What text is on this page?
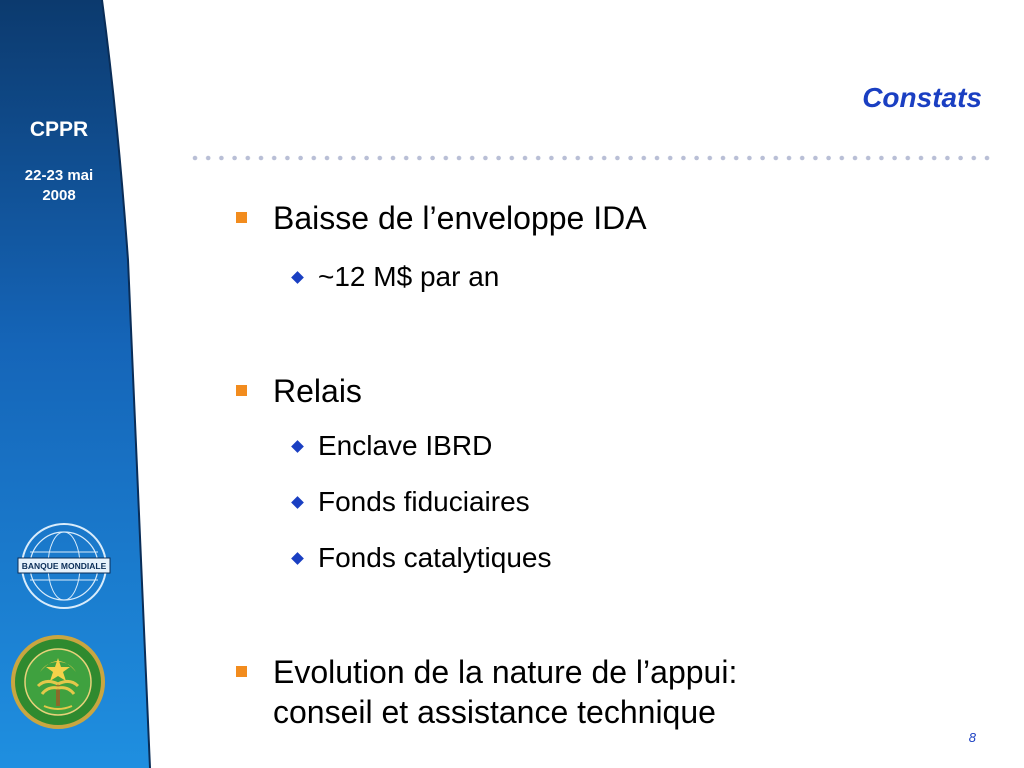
CPPR
22-23 mai
2008
BANQUE MONDIALE
Constats
Baisse de l’enveloppe IDA
~12 M$ par an
Relais
Enclave IBRD
Fonds fiduciaires
Fonds catalytiques
Evolution de la nature de l’appui:
conseil et assistance technique
8
